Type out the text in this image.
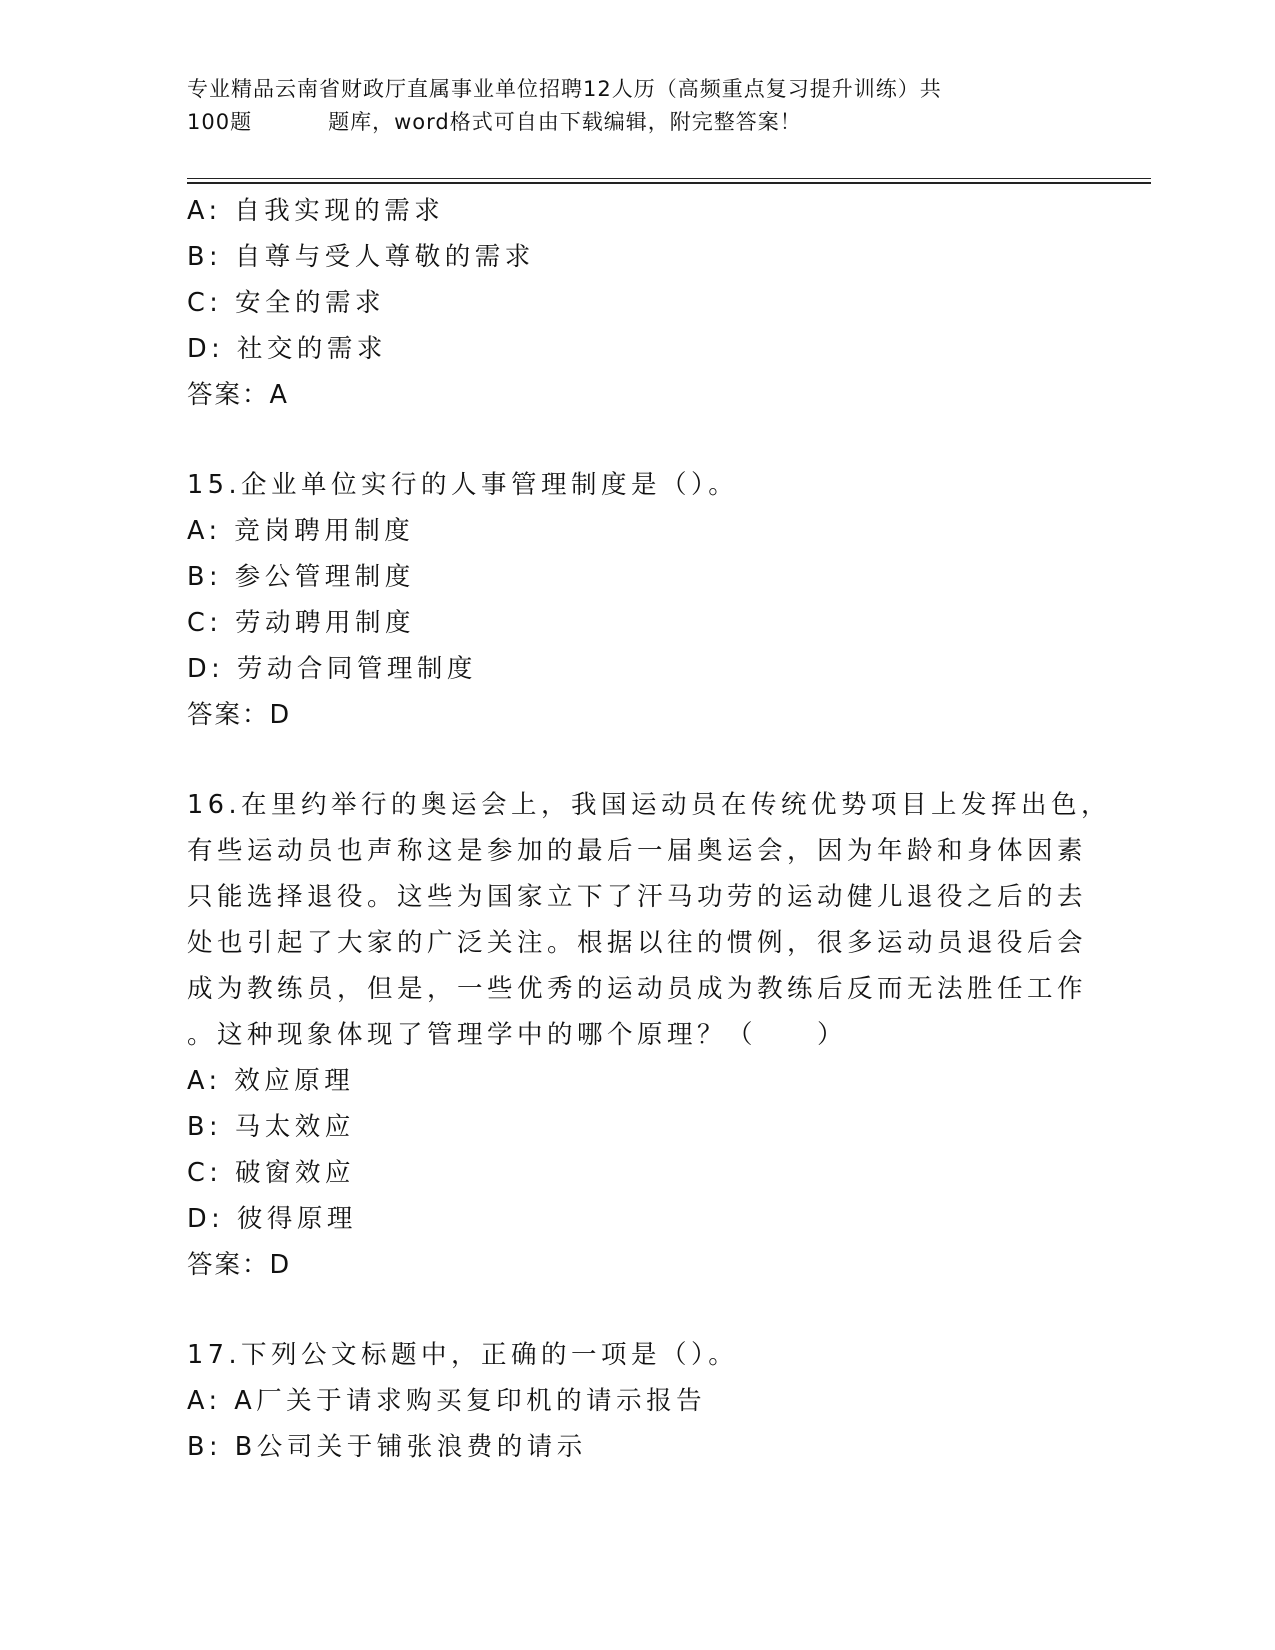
专业精品云南省财政厅直属事业单位招聘12人历（高频重点复习提升训练）共
100题	题库，word格式可自由下载编辑，附完整答案！
A: 自我实现的需求
B: 自尊与受人尊敬的需求
C: 安全的需求
D: 社交的需求
答案：A
15.企业单位实行的人事管理制度是（）。
A: 竞岗聘用制度
B: 参公管理制度
C: 劳动聘用制度
D: 劳动合同管理制度
答案：D
16.在里约举行的奥运会上，我国运动员在传统优势项目上发挥出色，
有些运动员也声称这是参加的最后一届奥运会，因为年龄和身体因素
只能选择退役。这些为国家立下了汗马功劳的运动健儿退役之后的去
处也引起了大家的广泛关注。根据以往的惯例，很多运动员退役后会
成为教练员，但是，一些优秀的运动员成为教练后反而无法胜任工作
。这种现象体现了管理学中的哪个原理？（　　）
A: 效应原理
B: 马太效应
C: 破窗效应
D: 彼得原理
答案：D
17.下列公文标题中，正确的一项是（）。
A: A厂关于请求购买复印机的请示报告
B: B公司关于铺张浪费的请示
